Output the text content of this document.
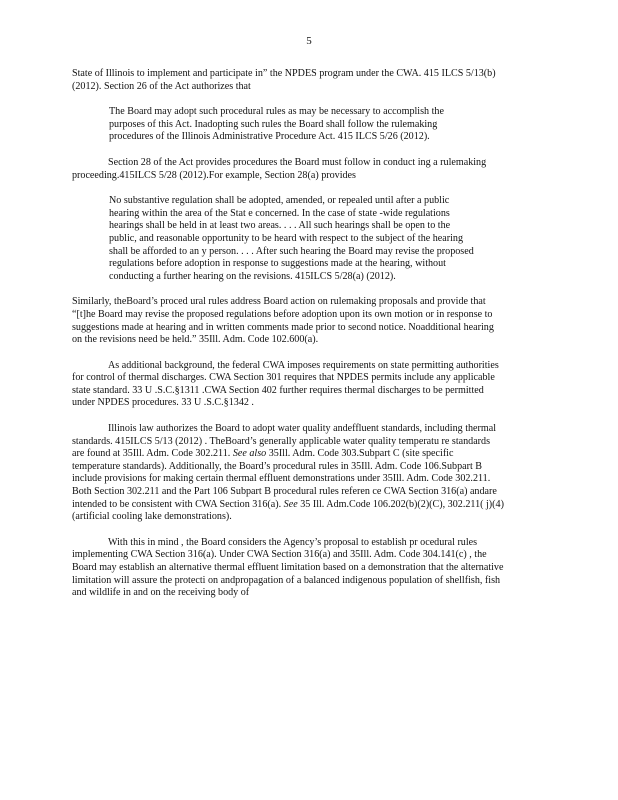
5

State of Illinois to implement and participate in” the NPDES program under the CWA. 415 ILCS 5/13(b) (2012). Section 26 of the Act authorizes that

The Board may adopt such procedural rules as may be necessary to accomplish the purposes of this Act. Inadopting such rules the Board shall follow the rulemaking procedures of the Illinois Administrative Procedure Act. 415 ILCS 5/26 (2012).

Section 28 of the Act provides procedures the Board must follow in conduct ing a rulemaking proceeding.415ILCS 5/28 (2012).For example, Section 28(a) provides

No substantive regulation shall be adopted, amended, or repealed until after a public hearing within the area of the Stat e concerned. In the case of state -wide regulations hearings shall be held in at least two areas. . . . All such hearings shall be open to the public, and reasonable opportunity to be heard with respect to the subject of the hearing shall be afforded to an y person. . . . After such hearing the Board may revise the proposed regulations before adoption in response to suggestions made at the hearing, without conducting a further hearing on the revisions. 415ILCS 5/28(a) (2012).

Similarly, theBoard’s proced ural rules address Board action on rulemaking proposals and provide that “[t]he Board may revise the proposed regulations before adoption upon its own motion or in response to suggestions made at hearing and in written comments made prior to second notice. Noadditional hearing on the revisions need be held.” 35Ill. Adm. Code 102.600(a).

As additional background, the federal CWA imposes requirements on state permitting authorities for control of thermal discharges. CWA Section 301 requires that NPDES permits include any applicable state standard. 33 U .S.C.§1311 .CWA Section 402 further requires thermal discharges to be permitted under NPDES procedures. 33 U .S.C.§1342 .

Illinois law authorizes the Board to adopt water quality andeffluent standards, including thermal standards. 415ILCS 5/13 (2012) . TheBoard’s generally applicable water quality temperatu re standards are found at 35Ill. Adm. Code 302.211. See also 35Ill. Adm. Code 303.Subpart C (site specific temperature standards). Additionally, the Board’s procedural rules in 35Ill. Adm. Code 106.Subpart B include provisions for making certain thermal effluent demonstrations under 35Ill. Adm. Code 302.211. Both Section 302.211 and the Part 106 Subpart B procedural rules referen ce CWA Section 316(a) andare intended to be consistent with CWA Section 316(a). See 35 Ill. Adm.Code 106.202(b)(2)(C), 302.211( j)(4) (artificial cooling lake demonstrations).

With this in mind , the Board considers the Agency’s proposal to establish pr ocedural rules implementing CWA Section 316(a). Under CWA Section 316(a) and 35Ill. Adm. Code 304.141(c) , the Board may establish an alternative thermal effluent limitation based on a demonstration that the alternative limitation will assure the protecti on andpropagation of a balanced indigenous population of shellfish, fish and wildlife in and on the receiving body of
